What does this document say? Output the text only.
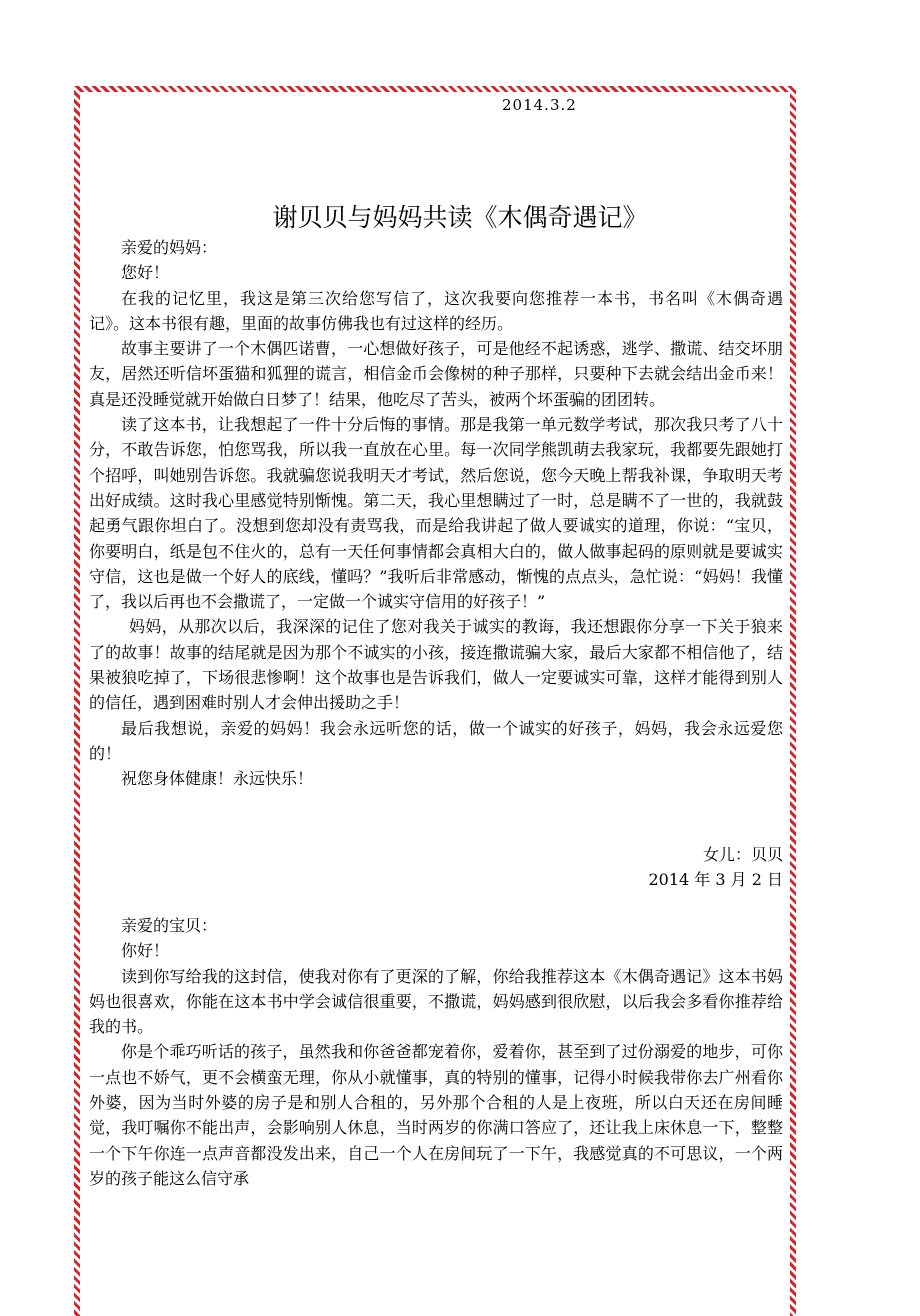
2014.3.2
谢贝贝与妈妈共读《木偶奇遇记》

亲爱的妈妈：

您好！

在我的记忆里，我这是第三次给您写信了，这次我要向您推荐一本书，书名叫《木偶奇遇记》。这本书很有趣，里面的故事仿佛我也有过这样的经历。

故事主要讲了一个木偶匹诺曹，一心想做好孩子，可是他经不起诱惑，逃学、撒谎、结交坏朋友，居然还听信坏蛋猫和狐狸的谎言，相信金币会像树的种子那样，只要种下去就会结出金币来！真是还没睡觉就开始做白日梦了！结果，他吃尽了苦头，被两个坏蛋骗的团团转。

读了这本书，让我想起了一件十分后悔的事情。那是我第一单元数学考试，那次我只考了八十分，不敢告诉您，怕您骂我，所以我一直放在心里。每一次同学熊凯萌去我家玩，我都要先跟她打个招呼，叫她别告诉您。我就骗您说我明天才考试，然后您说，您今天晚上帮我补课，争取明天考出好成绩。这时我心里感觉特别惭愧。第二天，我心里想瞒过了一时，总是瞒不了一世的，我就鼓起勇气跟你坦白了。没想到您却没有责骂我，而是给我讲起了做人要诚实的道理，你说：“宝贝，你要明白，纸是包不住火的，总有一天任何事情都会真相大白的，做人做事起码的原则就是要诚实守信，这也是做一个好人的底线，懂吗？”我听后非常感动，惭愧的点点头，急忙说：“妈妈！我懂了，我以后再也不会撒谎了，一定做一个诚实守信用的好孩子！”

妈妈，从那次以后，我深深的记住了您对我关于诚实的教诲，我还想跟你分享一下关于狼来了的故事！故事的结尾就是因为那个不诚实的小孩，接连撒谎骗大家，最后大家都不相信他了，结果被狼吃掉了，下场很悲惨啊！这个故事也是告诉我们，做人一定要诚实可靠，这样才能得到别人的信任，遇到困难时别人才会伸出援助之手！

最后我想说，亲爱的妈妈！我会永远听您的话，做一个诚实的好孩子，妈妈，我会永远爱您的！

祝您身体健康！永远快乐！

女儿：贝贝

2014 年 3 月 2 日

亲爱的宝贝：

你好！

读到你写给我的这封信，使我对你有了更深的了解，你给我推荐这本《木偶奇遇记》这本书妈妈也很喜欢，你能在这本书中学会诚信很重要，不撒谎，妈妈感到很欣慰，以后我会多看你推荐给我的书。

你是个乖巧听话的孩子，虽然我和你爸爸都宠着你，爱着你，甚至到了过份溺爱的地步，可你一点也不娇气，更不会横蛮无理，你从小就懂事，真的特别的懂事，记得小时候我带你去广州看你外婆，因为当时外婆的房子是和别人合租的，另外那个合租的人是上夜班，所以白天还在房间睡觉，我叮嘱你不能出声，会影响别人休息，当时两岁的你满口答应了，还让我上床休息一下，整整一个下午你连一点声音都没发出来，自己一个人在房间玩了一下午，我感觉真的不可思议，一个两岁的孩子能这么信守承
